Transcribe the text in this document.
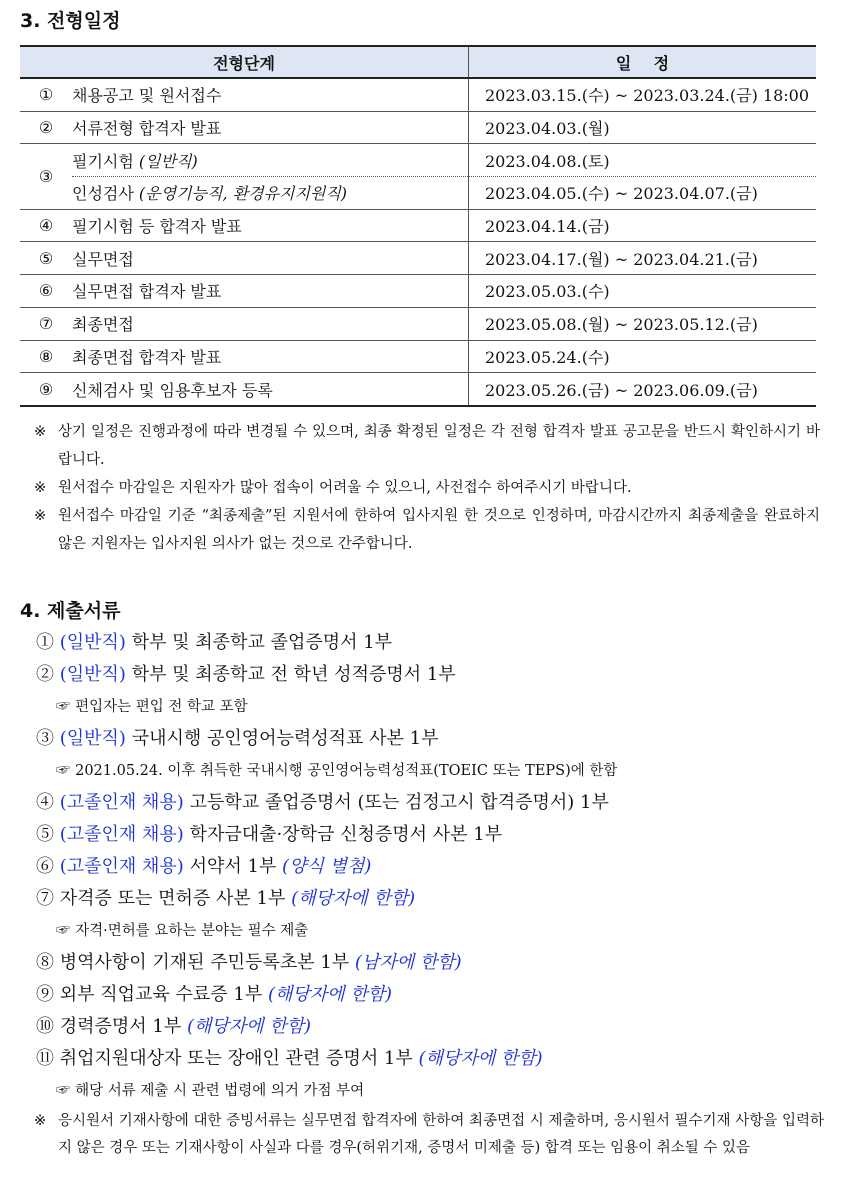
3. 전형일정
전형단계		일    정
①	채용공고 및 원서접수	2023.03.15.(수) ~ 2023.03.24.(금) 18:00
②	서류전형 합격자 발표	2023.04.03.(월)
③	필기시험 (일반직)	2023.04.08.(토)
	인성검사 (운영기능직, 환경유지지원직)	2023.04.05.(수) ~ 2023.04.07.(금)
④	필기시험 등 합격자 발표	2023.04.14.(금)
⑤	실무면접	2023.04.17.(월) ~ 2023.04.21.(금)
⑥	실무면접 합격자 발표	2023.05.03.(수)
⑦	최종면접	2023.05.08.(월) ~ 2023.05.12.(금)
⑧	최종면접 합격자 발표	2023.05.24.(수)
⑨	신체검사 및 임용후보자 등록	2023.05.26.(금) ~ 2023.06.09.(금)
※ 상기 일정은 진행과정에 따라 변경될 수 있으며, 최종 확정된 일정은 각 전형 합격자 발표 공고문을 반드시 확인하시기 바랍니다.
※ 원서접수 마감일은 지원자가 많아 접속이 어려울 수 있으니, 사전접수 하여주시기 바랍니다.
※ 원서접수 마감일 기준 “최종제출”된 지원서에 한하여 입사지원 한 것으로 인정하며, 마감시간까지 최종제출을 완료하지 않은 지원자는 입사지원 의사가 없는 것으로 간주합니다.
4. 제출서류
① (일반직) 학부 및 최종학교 졸업증명서 1부
② (일반직) 학부 및 최종학교 전 학년 성적증명서 1부
☞ 편입자는 편입 전 학교 포함
③ (일반직) 국내시행 공인영어능력성적표 사본 1부
☞ 2021.05.24. 이후 취득한 국내시행 공인영어능력성적표(TOEIC 또는 TEPS)에 한함
④ (고졸인재 채용) 고등학교 졸업증명서 (또는 검정고시 합격증명서) 1부
⑤ (고졸인재 채용) 학자금대출·장학금 신청증명서 사본 1부
⑥ (고졸인재 채용) 서약서 1부 (양식 별첨)
⑦ 자격증 또는 면허증 사본 1부 (해당자에 한함)
☞ 자격·면허를 요하는 분야는 필수 제출
⑧ 병역사항이 기재된 주민등록초본 1부 (남자에 한함)
⑨ 외부 직업교육 수료증 1부 (해당자에 한함)
⑩ 경력증명서 1부 (해당자에 한함)
⑪ 취업지원대상자 또는 장애인 관련 증명서 1부 (해당자에 한함)
☞ 해당 서류 제출 시 관련 법령에 의거 가점 부여
※ 응시원서 기재사항에 대한 증빙서류는 실무면접 합격자에 한하여 최종면접 시 제출하며, 응시원서 필수기재 사항을 입력하지 않은 경우 또는 기재사항이 사실과 다를 경우(허위기재, 증명서 미제출 등) 합격 또는 임용이 취소될 수 있음
